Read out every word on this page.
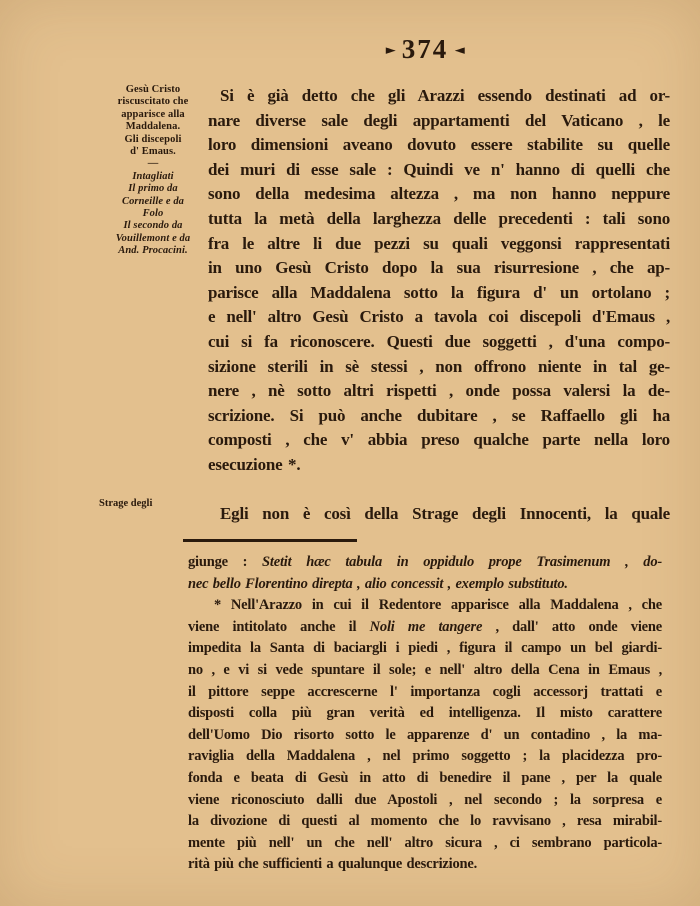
► 374 ►
Gesù Cristo
riscuscitato che
apparisce alla
Maddalena.
Gli discepoli
d' Emaus.
—
Intagliati
Il primo da
Corneille e da
Folo
Il secondo da
Vouillemont e da
And. Procacini.
Strage degli
Si è già detto che gli Arazzi essendo destinati ad or-
nare diverse sale degli appartamenti del Vaticano , le
loro dimensioni aveano dovuto essere stabilite su quelle
dei muri di esse sale : Quindi ve n' hanno di quelli che
sono della medesima altezza , ma non hanno neppure
tutta la metà della larghezza delle precedenti : tali sono
fra le altre li due pezzi su quali veggonsi rappresentati
in uno Gesù Cristo dopo la sua risurresione , che ap-
parisce alla Maddalena sotto la figura d' un ortolano ;
e nell' altro Gesù Cristo a tavola coi discepoli d'Emaus ,
cui si fa riconoscere. Questi due soggetti , d'una compo-
sizione sterili in sè stessi , non offrono niente in tal ge-
nere , nè sotto altri rispetti , onde possa valersi la de-
scrizione. Si può anche dubitare , se Raffaello gli ha
composti , che v' abbia preso qualche parte nella loro
esecuzione *.
Egli non è così della Strage degli Innocenti, la quale
giunge : Stetit hæc tabula in oppidulo prope Trasimenum , do-
nec bello Florentino direpta , alio concessit , exemplo substituto.
* Nell'Arazzo in cui il Redentore apparisce alla Maddalena , che
viene intitolato anche il Noli me tangere , dall' atto onde viene
impedita la Santa di baciargli i piedi , figura il campo un bel giardi-
no , e vi si vede spuntare il sole; e nell' altro della Cena in Emaus ,
il pittore seppe accrescerne l' importanza cogli accessorj trattati e
disposti colla più gran verità ed intelligenza. Il misto carattere
dell'Uomo Dio risorto sotto le apparenze d' un contadino , la ma-
raviglia della Maddalena , nel primo soggetto ; la placidezza pro-
fonda e beata di Gesù in atto di benedire il pane , per la quale
viene riconosciuto dalli due Apostoli , nel secondo ; la sorpresa e
la divozione di questi al momento che lo ravvisano , resa mirabil-
mente più nell' un che nell' altro sicura , ci sembrano particola-
rità più che sufficienti a qualunque descrizione.
